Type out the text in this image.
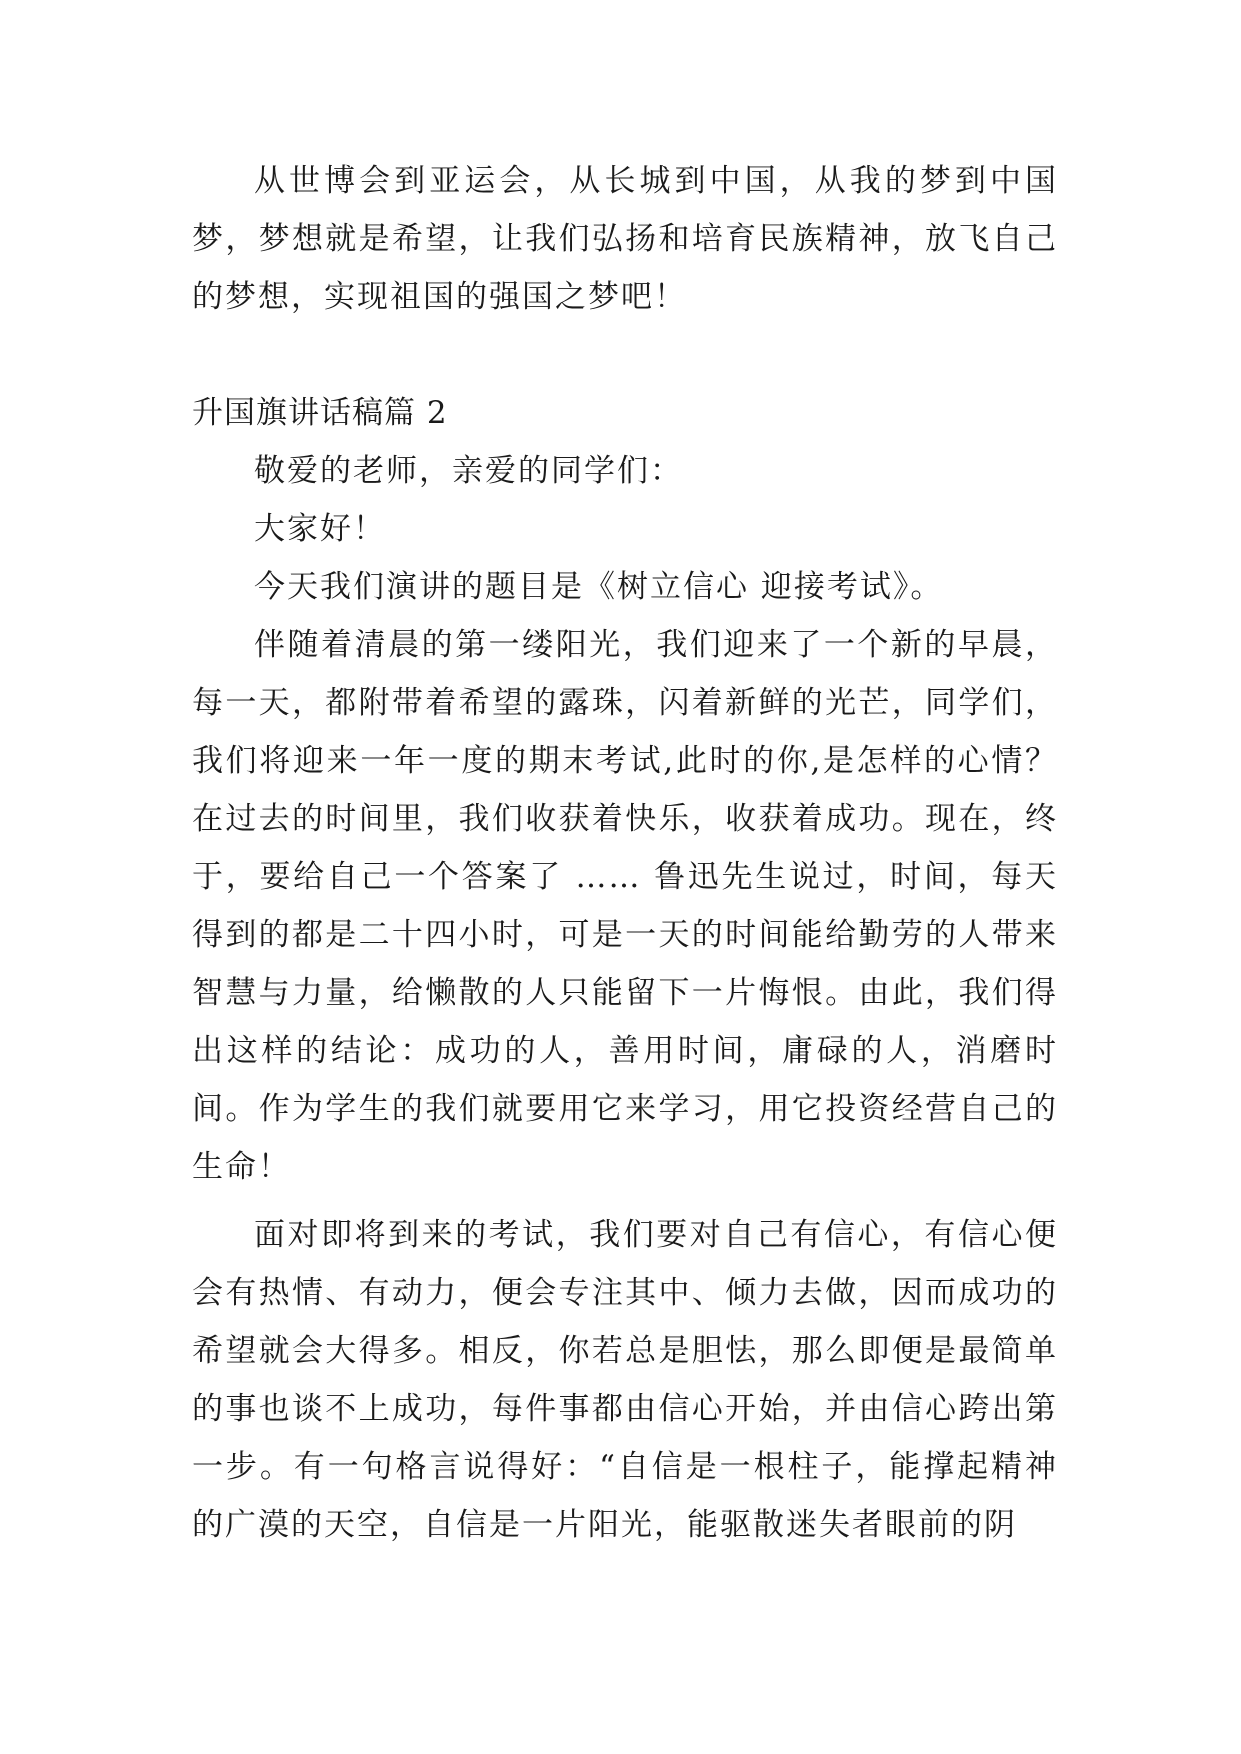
从世博会到亚运会，从长城到中国，从我的梦到中国梦，梦想就是希望，让我们弘扬和培育民族精神，放飞自己的梦想，实现祖国的强国之梦吧！

升国旗讲话稿篇 2

敬爱的老师，亲爱的同学们：

大家好！

今天我们演讲的题目是《树立信心 迎接考试》。

伴随着清晨的第一缕阳光，我们迎来了一个新的早晨，每一天，都附带着希望的露珠，闪着新鲜的光芒，同学们，我们将迎来一年一度的期末考试,此时的你,是怎样的心情？在过去的时间里，我们收获着快乐，收获着成功。现在，终于，要给自己一个答案了 …… 鲁迅先生说过，时间，每天得到的都是二十四小时，可是一天的时间能给勤劳的人带来智慧与力量，给懒散的人只能留下一片悔恨。由此，我们得出这样的结论：成功的人，善用时间，庸碌的人，消磨时间。作为学生的我们就要用它来学习，用它投资经营自己的生命！

面对即将到来的考试，我们要对自己有信心，有信心便会有热情、有动力，便会专注其中、倾力去做，因而成功的希望就会大得多。相反，你若总是胆怯，那么即便是最简单的事也谈不上成功，每件事都由信心开始，并由信心跨出第一步。有一句格言说得好：“自信是一根柱子，能撑起精神的广漠的天空，自信是一片阳光，能驱散迷失者眼前的阴
